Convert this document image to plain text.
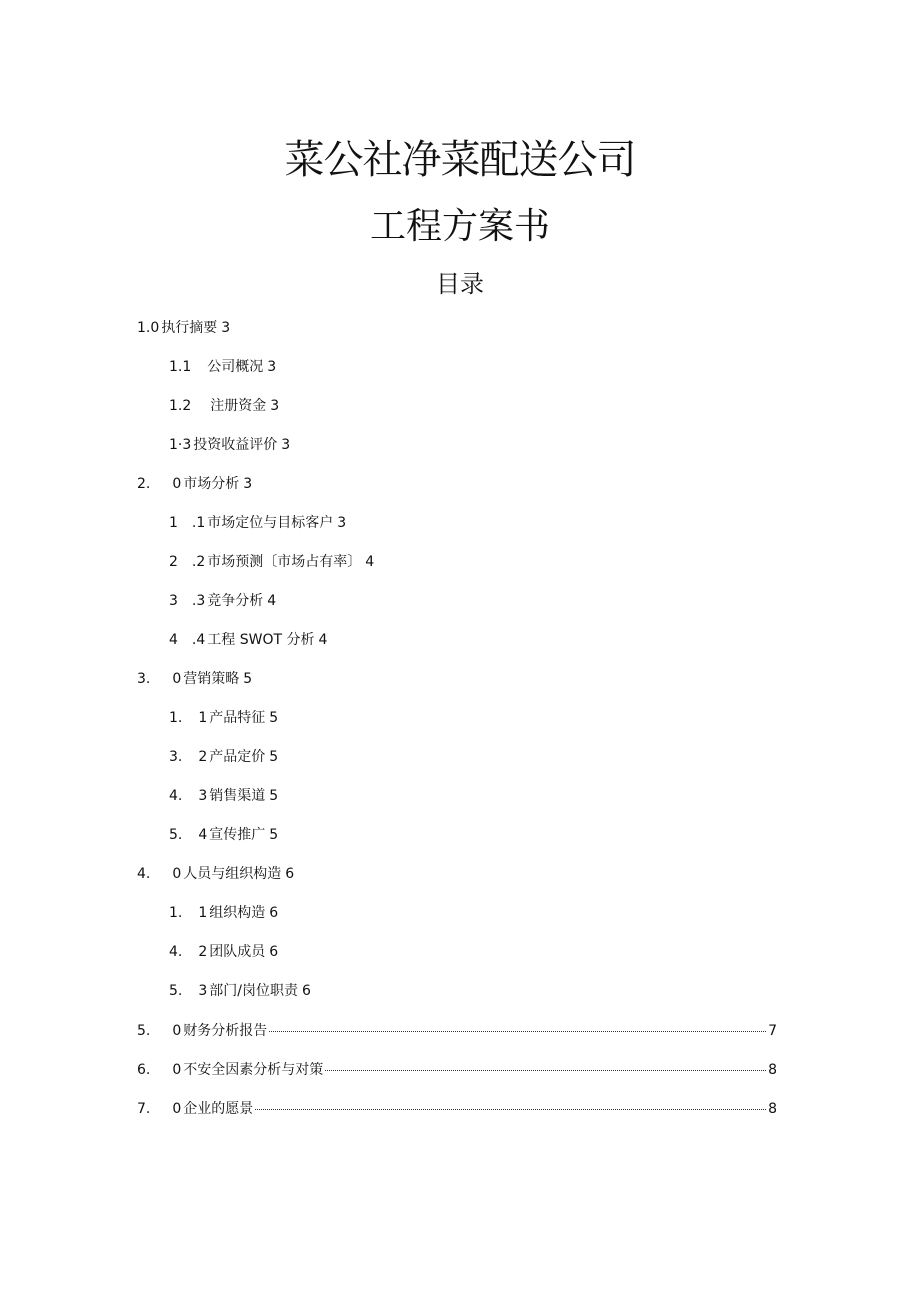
菜公社净菜配送公司
工程方案书
目录
1.0 执行摘要 3
1.1 公司概况 3
1.2 注册资金 3
1·3 投资收益评价 3
2. 0 市场分析 3
1 .1 市场定位与目标客户 3
2 .2 市场预测〔市场占有率〕 4
3 .3 竞争分析 4
4 .4 工程 SWOT 分析 4
3. 0 营销策略 5
1. 1 产品特征 5
3. 2 产品定价 5
4. 3 销售渠道 5
5. 4 宣传推广 5
4. 0 人员与组织构造 6
1. 1 组织构造 6
4. 2 团队成员 6
5. 3 部门/岗位职责 6
5. 0 财务分析报告	7
6. 0 不安全因素分析与对策	8
7. 0 企业的愿景	8
